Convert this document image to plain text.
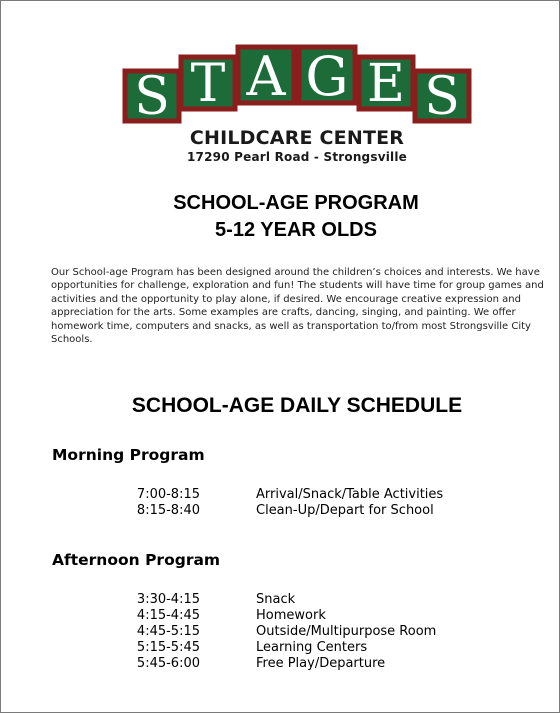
S T A G E S
CHILDCARE CENTER
17290 Pearl Road - Strongsville
SCHOOL-AGE PROGRAM
5-12 YEAR OLDS

Our School-age Program has been designed around the children’s choices and interests. We have opportunities for challenge, exploration and fun! The students will have time for group games and activities and the opportunity to play alone, if desired. We encourage creative expression and appreciation for the arts. Some examples are crafts, dancing, singing, and painting. We offer homework time, computers and snacks, as well as transportation to/from most Strongsville City Schools.

SCHOOL-AGE DAILY SCHEDULE
Morning Program
7:00-8:15	Arrival/Snack/Table Activities
8:15-8:40	Clean-Up/Depart for School
Afternoon Program
3:30-4:15	Snack
4:15-4:45	Homework
4:45-5:15	Outside/Multipurpose Room
5:15-5:45	Learning Centers
5:45-6:00	Free Play/Departure
